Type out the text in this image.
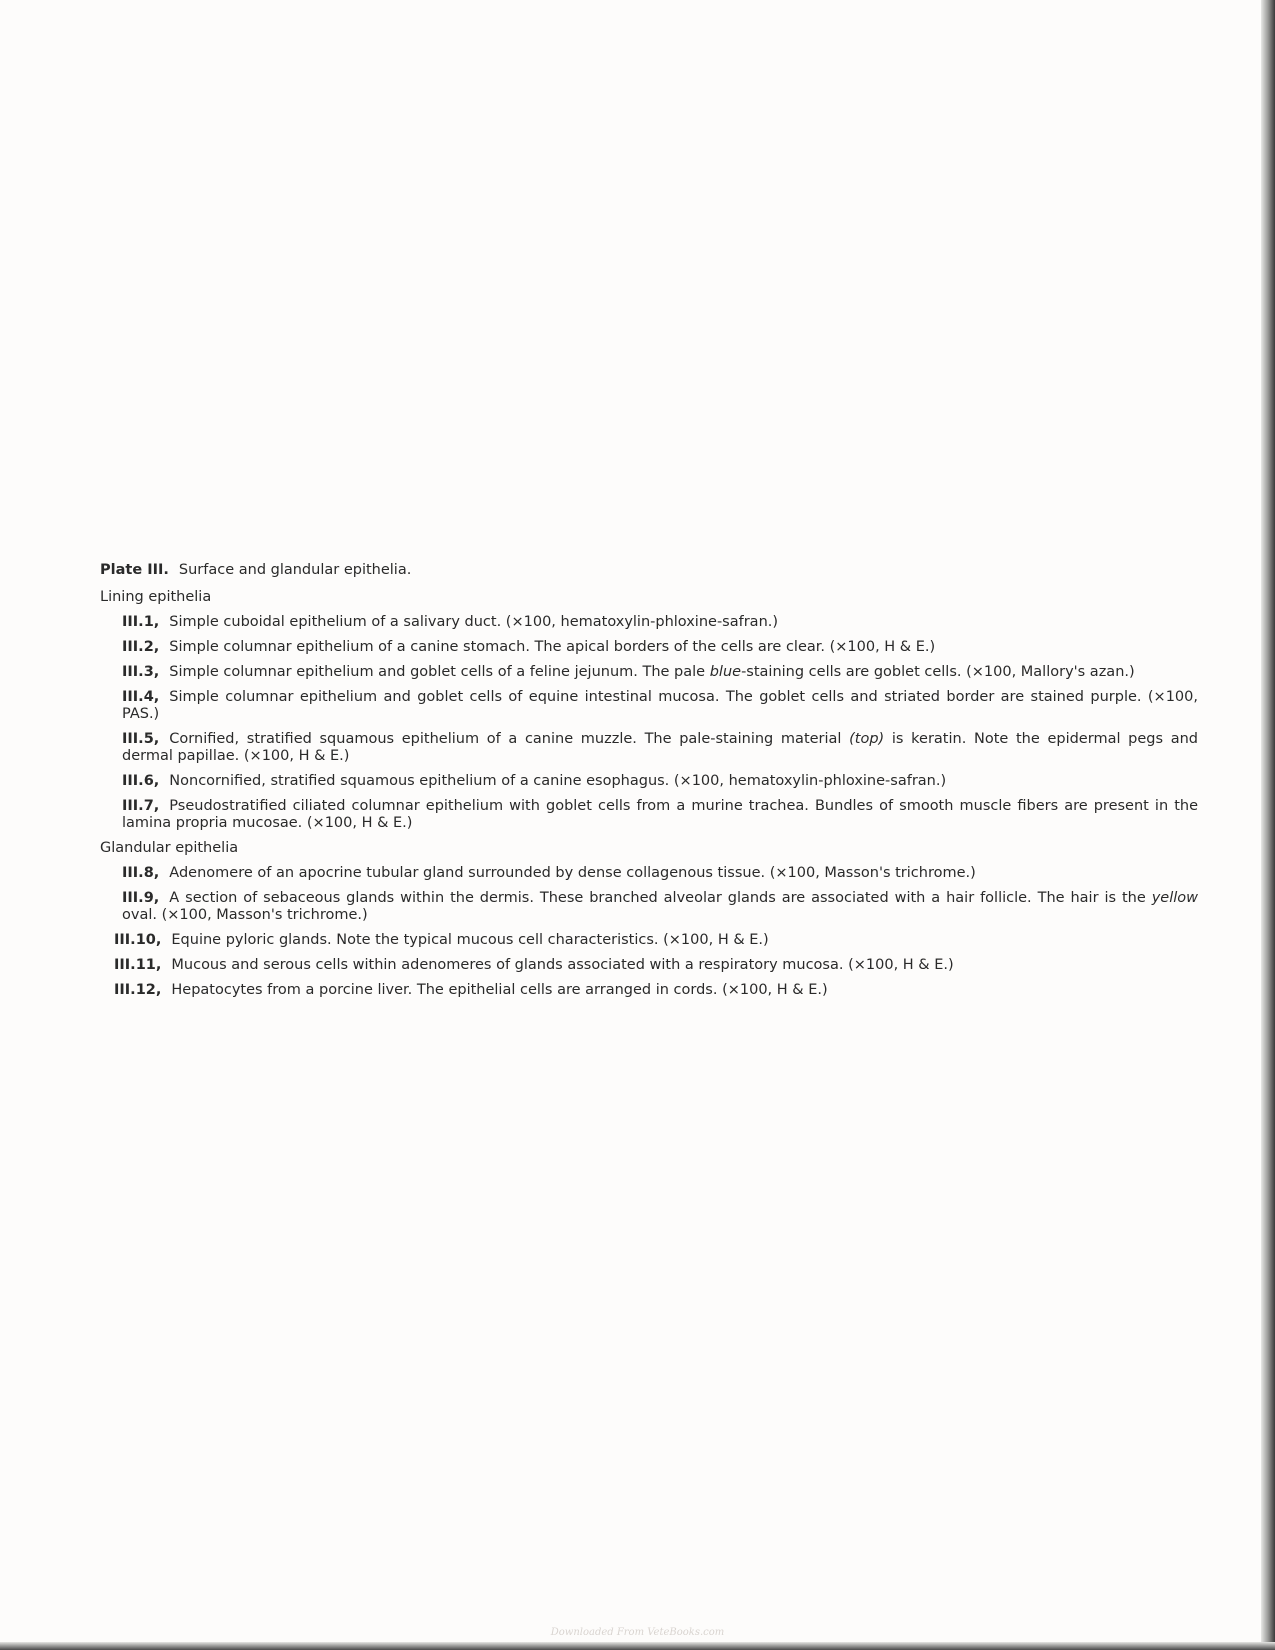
Plate III. Surface and glandular epithelia.
Lining epithelia
III.1, Simple cuboidal epithelium of a salivary duct. (×100, hematoxylin-phloxine-safran.)
III.2, Simple columnar epithelium of a canine stomach. The apical borders of the cells are clear. (×100, H & E.)
III.3, Simple columnar epithelium and goblet cells of a feline jejunum. The pale blue-staining cells are goblet cells. (×100, Mallory's azan.)
III.4, Simple columnar epithelium and goblet cells of equine intestinal mucosa. The goblet cells and striated border are stained purple. (×100, PAS.)
III.5, Cornified, stratified squamous epithelium of a canine muzzle. The pale-staining material (top) is keratin. Note the epidermal pegs and dermal papillae. (×100, H & E.)
III.6, Noncornified, stratified squamous epithelium of a canine esophagus. (×100, hematoxylin-phloxine-safran.)
III.7, Pseudostratified ciliated columnar epithelium with goblet cells from a murine trachea. Bundles of smooth muscle fibers are present in the lamina propria mucosae. (×100, H & E.)
Glandular epithelia
III.8, Adenomere of an apocrine tubular gland surrounded by dense collagenous tissue. (×100, Masson's trichrome.)
III.9, A section of sebaceous glands within the dermis. These branched alveolar glands are associated with a hair follicle. The hair is the yellow oval. (×100, Masson's trichrome.)
III.10, Equine pyloric glands. Note the typical mucous cell characteristics. (×100, H & E.)
III.11, Mucous and serous cells within adenomeres of glands associated with a respiratory mucosa. (×100, H & E.)
III.12, Hepatocytes from a porcine liver. The epithelial cells are arranged in cords. (×100, H & E.)
Downloaded From VeteBooks.com
